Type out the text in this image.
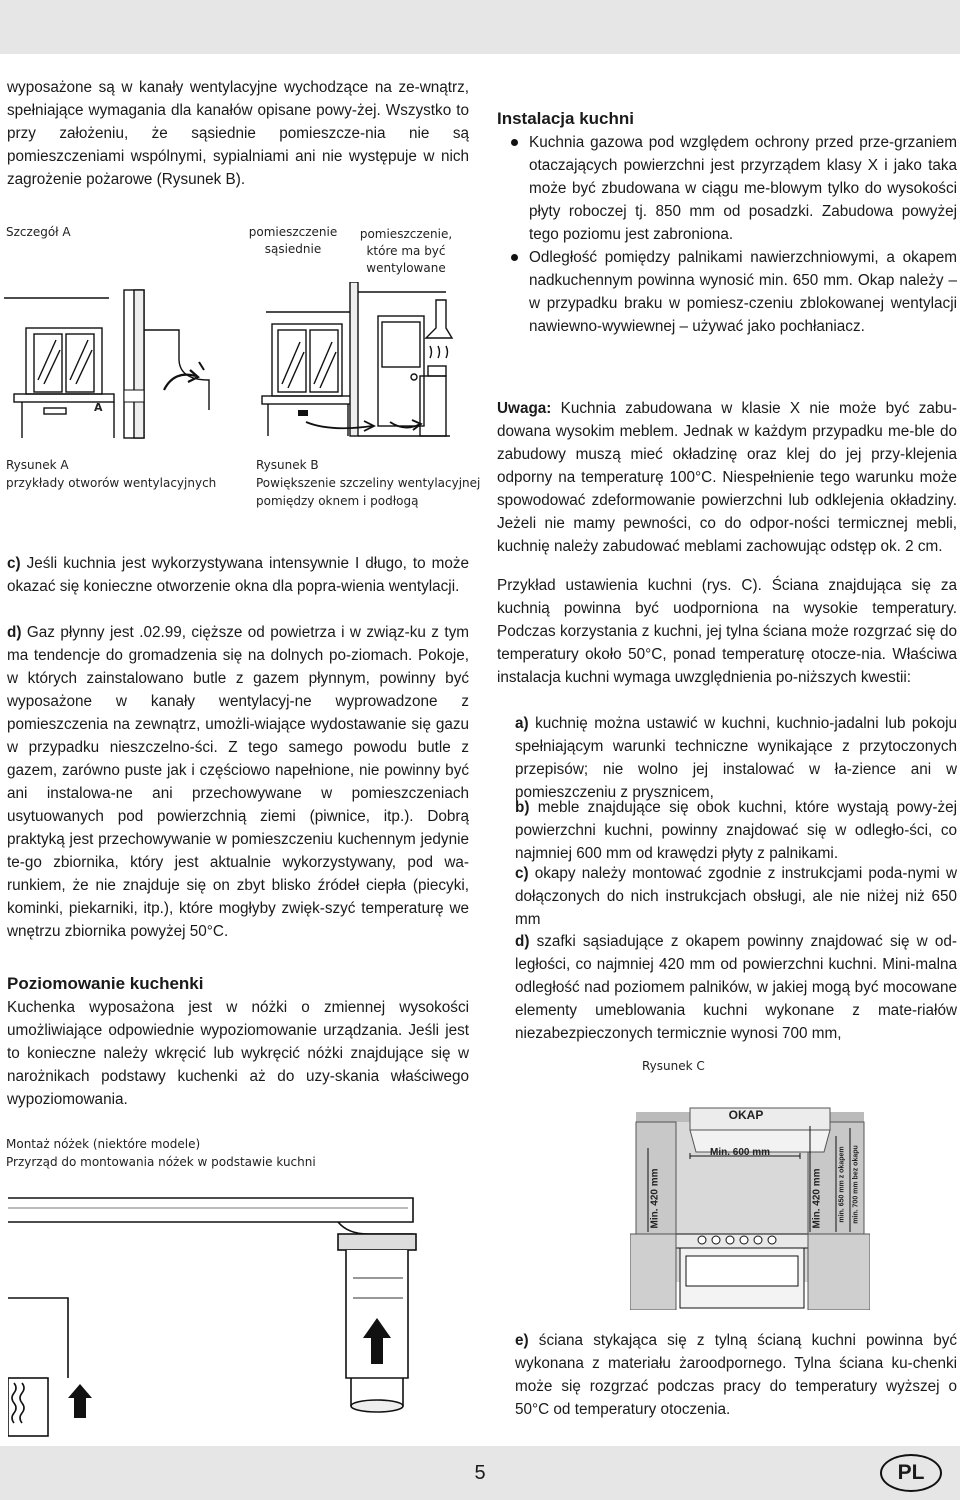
wyposażone są w kanały wentylacyjne wychodzące na ze-wnątrz, spełniające wymagania dla kanałów opisane powy-żej. Wszystko to przy założeniu, że sąsiednie pomieszcze-nia nie są pomieszczeniami wspólnymi, sypialniami ani nie występuje w nich zagrożenie pożarowe (Rysunek B).
Szczegół A
A
Rysunek A
przykłady otworów wentylacyjnych
pomieszczenie
sąsiednie
pomieszczenie,
które ma być
wentylowane
Rysunek B
Powiększenie szczeliny wentylacyjnej
pomiędzy oknem i podłogą
c) Jeśli kuchnia jest wykorzystywana intensywnie I długo, to może okazać się konieczne otworzenie okna dla popra-wienia wentylacji.
d) Gaz płynny jest .02.99, cięższe od powietrza i w związ-ku z tym ma tendencje do gromadzenia się na dolnych po-ziomach. Pokoje, w których zainstalowano butle z gazem płynnym, powinny być wyposażone w kanały wentylacyj-ne wyprowadzone z pomieszczenia na zewnątrz, umożli-wiające wydostawanie się gazu w przypadku nieszczelno-ści. Z tego samego powodu butle z gazem, zarówno puste jak i częściowo napełnione, nie powinny być ani instalowa-ne ani przechowywane w pomieszczeniach usytuowanych pod powierzchnią ziemi (piwnice, itp.). Dobrą praktyką jest przechowywanie w pomieszczeniu kuchennym jedynie te-go zbiornika, który jest aktualnie wykorzystywany, pod wa-runkiem, że nie znajduje się on zbyt blisko źródeł ciepła (piecyki, kominki, piekarniki, itp.), które mogłyby zwięk-szyć temperaturę we wnętrzu zbiornika powyżej 50°C.
Poziomowanie kuchenki
Kuchenka wyposażona jest w nóżki o zmiennej wysokości umożliwiające odpowiednie wypoziomowanie urządzania. Jeśli jest to konieczne należy wkręcić lub wykręcić nóżki znajdujące się w narożnikach podstawy kuchenki aż do uzy-skania właściwego wypoziomowania.
Montaż nóżek (niektóre modele)
Przyrząd do montowania nóżek w podstawie kuchni
Instalacja kuchni
Kuchnia gazowa pod względem ochrony przed prze-grzaniem otaczających powierzchni jest przyrządem klasy X i jako taka może być zbudowana w ciągu me-blowym tylko do wysokości płyty roboczej tj. 850 mm od posadzki. Zabudowa powyżej tego poziomu jest zabroniona.
Odległość pomiędzy palnikami nawierzchniowymi, a okapem nadkuchennym powinna wynosić min. 650 mm. Okap należy – w przypadku braku w pomiesz-czeniu zblokowanej wentylacji nawiewno-wywiewnej – używać jako pochłaniacz.
Uwaga: Kuchnia zabudowana w klasie X nie może być zabu-dowana wysokim meblem. Jednak w każdym przypadku me-ble do zabudowy muszą mieć okładzinę oraz klej do jej przy-klejenia odporny na temperaturę 100°C. Niespełnienie tego warunku może spowodować zdeformowanie powierzchni lub odklejenia okładziny. Jeżeli nie mamy pewności, co do odpor-ności termicznej mebli, kuchnię należy zabudować meblami zachowując odstęp ok. 2 cm.
Przykład ustawienia kuchni (rys. C). Ściana znajdująca się za kuchnią powinna być uodporniona na wysokie temperatury. Podczas korzystania z kuchni, jej tylna ściana może rozgrzać się do temperatury około 50°C, ponad temperaturę otocze-nia. Właściwa instalacja kuchni wymaga uwzględnienia po-niższych kwestii:
a) kuchnię można ustawić w kuchni, kuchnio-jadalni lub pokoju spełniającym warunki techniczne wynikające z przytoczonych przepisów; nie wolno jej instalować w ła-zience ani w pomieszczeniu z prysznicem,
b) meble znajdujące się obok kuchni, które wystają powy-żej powierzchni kuchni, powinny znajdować się w odległo-ści, co najmniej 600 mm od krawędzi płyty z palnikami.
c) okapy należy montować zgodnie z instrukcjami poda-nymi w dołączonych do nich instrukcjach obsługi, ale nie niżej niż 650 mm
d) szafki sąsiadujące z okapem powinny znajdować się w od-ległości, co najmniej 420 mm od powierzchni kuchni. Mini-malna odległość nad poziomem palników, w jakiej mogą być mocowane elementy umeblowania kuchni wykonane z mate-riałów niezabezpieczonych termicznie wynosi 700 mm,
Rysunek C
OKAP
Min. 600 mm
Min. 420 mm	Min. 420 mm	min. 650 mm z okapem min. 700 mm bez okapu
e) ściana stykająca się z tylną ścianą kuchni powinna być wykonana z materiału żaroodpornego. Tylna ściana ku-chenki może się rozgrzać podczas pracy do temperatury wyższej o 50°C od temperatury otoczenia.
5	PL
